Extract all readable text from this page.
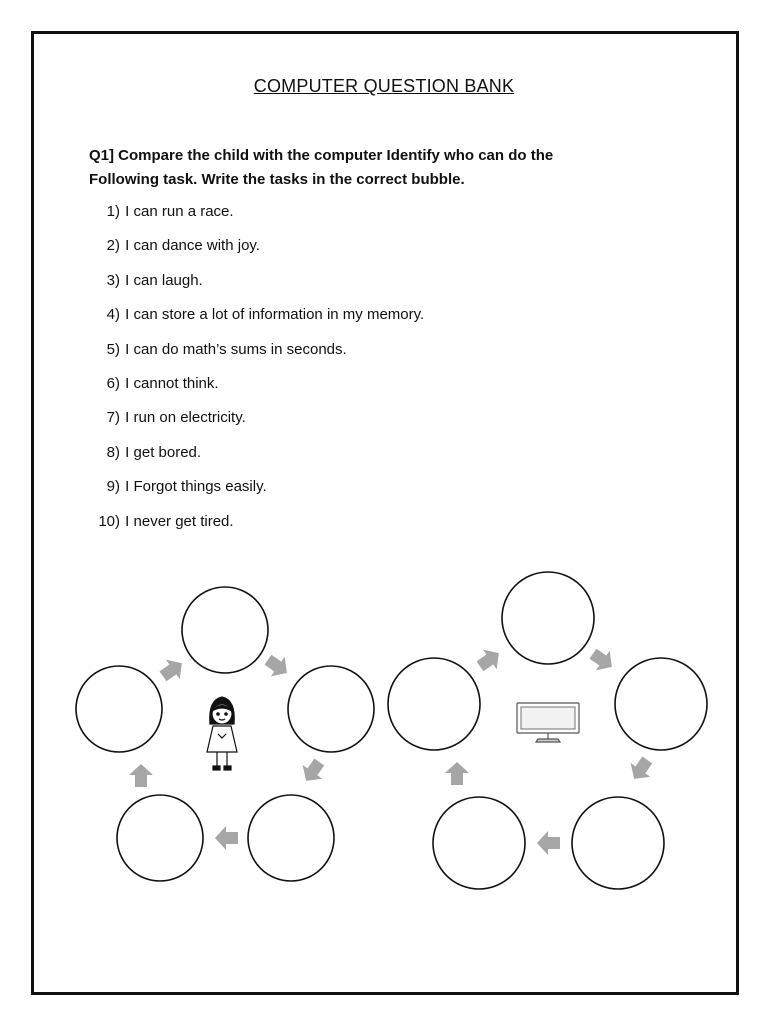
COMPUTER QUESTION BANK
Q1] Compare the child with the computer Identify who can do the
Following task. Write the tasks in the correct bubble.
1) I can run a race.
2) I can dance with joy.
3) I can laugh.
4) I can store a lot of information in my memory.
5) I can do math’s sums in seconds.
6) I cannot think.
7) I run on electricity.
8) I get bored.
9) I Forgot things easily.
10) I never get tired.
